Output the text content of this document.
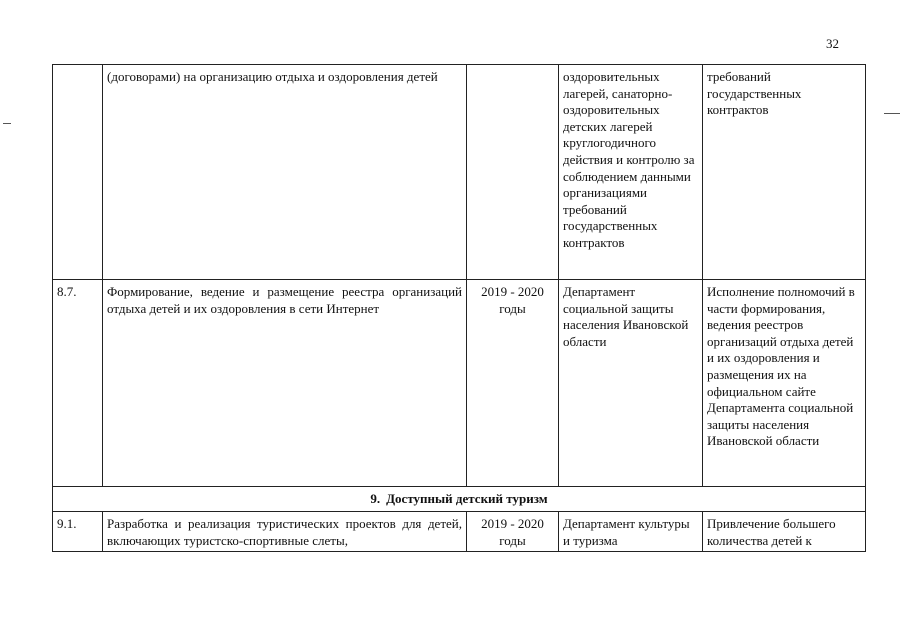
32
	(договорами) на организацию отдыха и оздоровления детей		оздоровительных лагерей, санаторно-оздоровительных детских лагерей круглогодичного действия и контролю за соблюдением данными организациями требований государственных контрактов	требований государственных контрактов
8.7.	Формирование, ведение и размещение реестра организаций отдыха детей и их оздоровления в сети Интернет	2019 - 2020 годы	Департамент социальной защиты населения Ивановской области	Исполнение полномочий в части формирования, ведения реестров организаций отдыха детей и их оздоровления и размещения их на официальном сайте Департамента социальной защиты населения Ивановской области
9. Доступный детский туризм				
9.1.	Разработка и реализация туристических проектов для детей, включающих туристско-спортивные слеты,	2019 - 2020 годы	Департамент культуры и туризма	Привлечение большего количества детей к
